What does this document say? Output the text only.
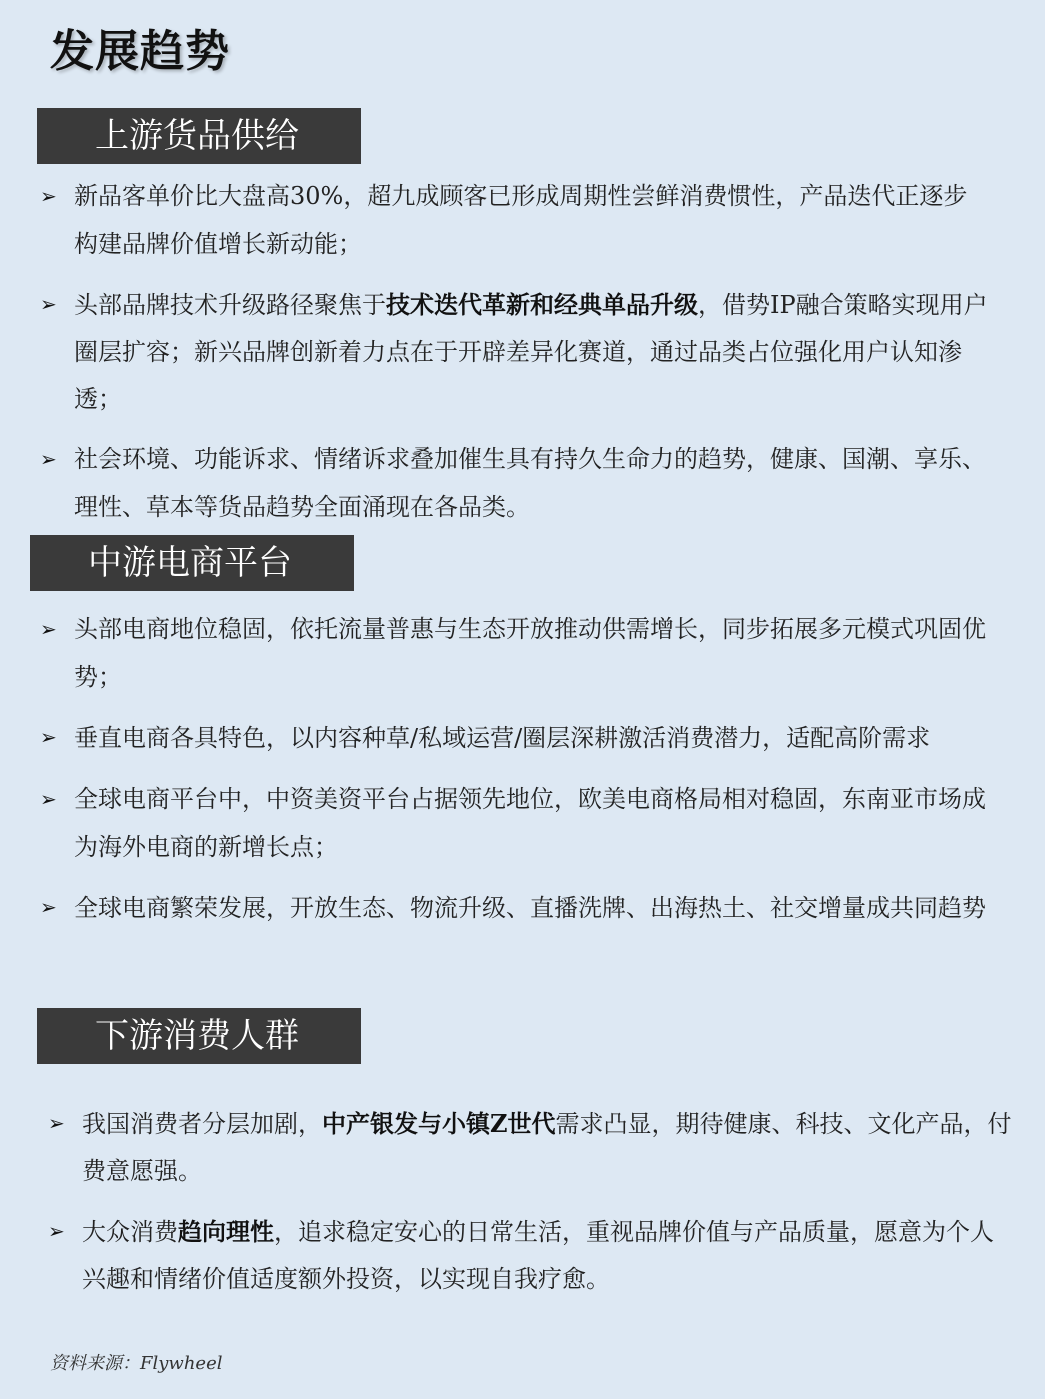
发展趋势
上游货品供给
➢ 新品客单价比大盘高30%，超九成顾客已形成周期性尝鲜消费惯性，产品迭代正逐步构建品牌价值增长新动能；
➢ 头部品牌技术升级路径聚焦于技术迭代革新和经典单品升级，借势IP融合策略实现用户圈层扩容；新兴品牌创新着力点在于开辟差异化赛道，通过品类占位强化用户认知渗透；
➢ 社会环境、功能诉求、情绪诉求叠加催生具有持久生命力的趋势，健康、国潮、享乐、理性、草本等货品趋势全面涌现在各品类。
中游电商平台
➢ 头部电商地位稳固，依托流量普惠与生态开放推动供需增长，同步拓展多元模式巩固优势；
➢ 垂直电商各具特色，以内容种草/私域运营/圈层深耕激活消费潜力，适配高阶需求
➢ 全球电商平台中，中资美资平台占据领先地位，欧美电商格局相对稳固，东南亚市场成为海外电商的新增长点；
➢ 全球电商繁荣发展，开放生态、物流升级、直播洗牌、出海热土、社交增量成共同趋势
下游消费人群
➢ 我国消费者分层加剧，中产银发与小镇Z世代需求凸显，期待健康、科技、文化产品，付费意愿强。
➢ 大众消费趋向理性，追求稳定安心的日常生活，重视品牌价值与产品质量，愿意为个人兴趣和情绪价值适度额外投资，以实现自我疗愈。
资料来源：Flywheel
